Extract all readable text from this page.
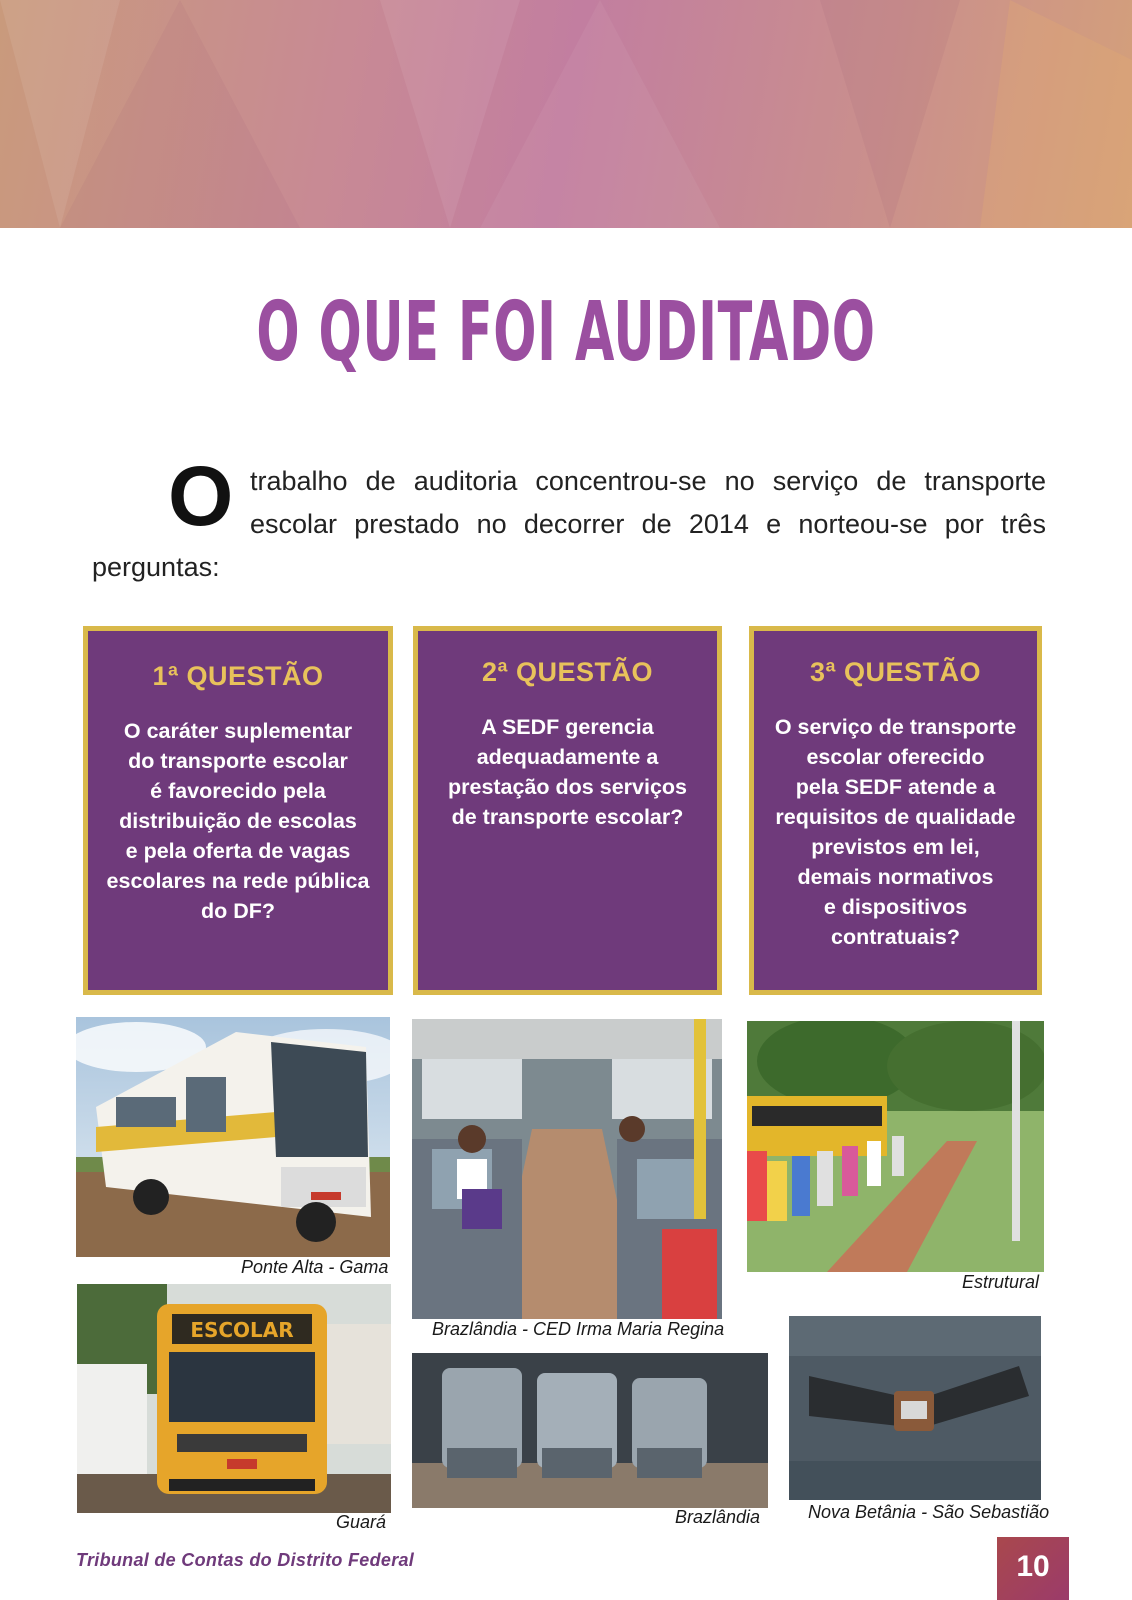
O QUE FOI AUDITADO
O trabalho de auditoria concentrou-se no serviço de transporte
escolar prestado no decorrer de 2014 e norteou-se por três
perguntas:
1ª QUESTÃO
O caráter suplementar
do transporte escolar
é favorecido pela
distribuição de escolas
e pela oferta de vagas
escolares na rede pública
do DF?
2ª QUESTÃO
A SEDF gerencia
adequadamente a
prestação dos serviços
de transporte escolar?
3ª QUESTÃO
O serviço de transporte
escolar oferecido
pela SEDF atende a
requisitos de qualidade
previstos em lei,
demais normativos
e dispositivos
contratuais?
Ponte Alta - Gama
ESCOLAR
Guará
Brazlândia - CED Irma Maria Regina
Brazlândia
Estrutural
Nova Betânia - São Sebastião
Tribunal de Contas do Distrito Federal	10
